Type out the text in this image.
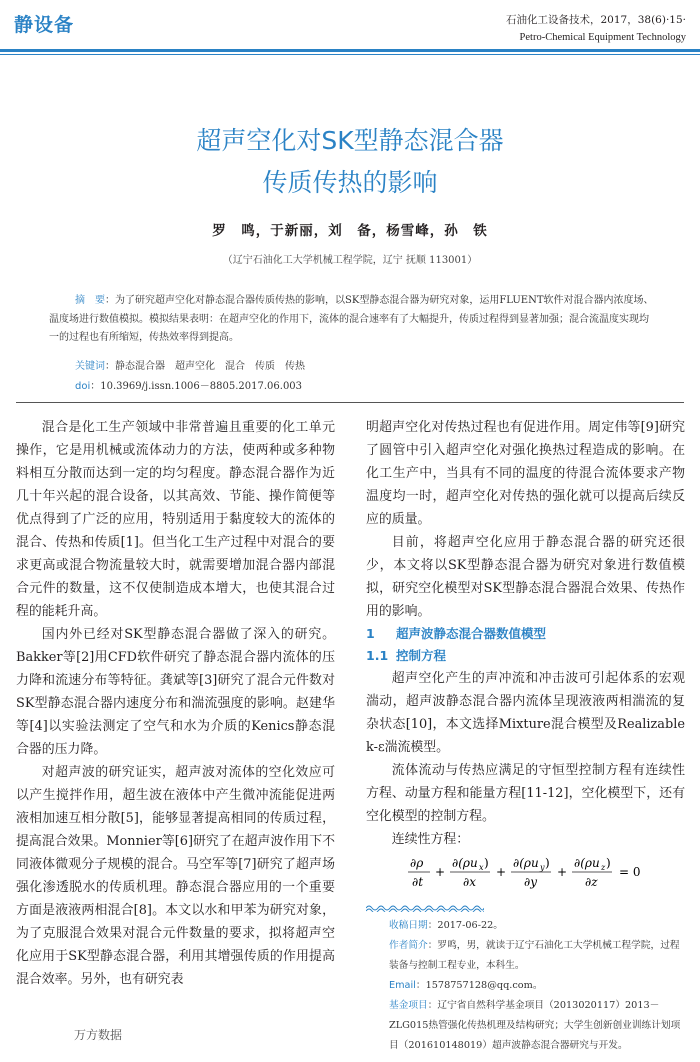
静设备	石油化工设备技术，2017，38(6)·15·
Petro-Chemical Equipment Technology
超声空化对SK型静态混合器
传质传热的影响
罗　鸣，于新丽，刘　备，杨雪峰，孙　铁
（辽宁石油化工大学机械工程学院，辽宁 抚顺 113001）
摘　要：为了研究超声空化对静态混合器传质传热的影响，以SK型静态混合器为研究对象，运用FLUENT软件对混合器内浓度场、温度场进行数值模拟。模拟结果表明：在超声空化的作用下，流体的混合速率有了大幅提升，传质过程得到显著加强；混合流温度实现均一的过程也有所缩短，传热效率得到提高。
关键词：静态混合器　超声空化　混合　传质　传热
doi：10.3969/j.issn.1006－8805.2017.06.003

混合是化工生产领域中非常普遍且重要的化工单元操作，它是用机械或流体动力的方法，使两种或多种物料相互分散而达到一定的均匀程度。静态混合器作为近几十年兴起的混合设备，以其高效、节能、操作简便等优点得到了广泛的应用，特别适用于黏度较大的流体的混合、传热和传质[1]。但当化工生产过程中对混合的要求更高或混合物流量较大时，就需要增加混合器内部混合元件的数量，这不仅使制造成本增大，也使其混合过程的能耗升高。

国内外已经对SK型静态混合器做了深入的研究。Bakker等[2]用CFD软件研究了静态混合器内流体的压力降和流速分布等特征。龚斌等[3]研究了混合元件数对SK型静态混合器内速度分布和湍流强度的影响。赵建华等[4]以实验法测定了空气和水为介质的Kenics静态混合器的压力降。

对超声波的研究证实，超声波对流体的空化效应可以产生搅拌作用，超生波在液体中产生微冲流能促进两液相加速互相分散[5]，能够显著提高相同的传质过程，提高混合效果。Monnier等[6]研究了在超声波作用下不同液体微观分子规模的混合。马空军等[7]研究了超声场强化渗透脱水的传质机理。静态混合器应用的一个重要方面是液液两相混合[8]。本文以水和甲苯为研究对象，为了克服混合效果对混合元件数量的要求，拟将超声空化应用于SK型静态混合器，利用其增强传质的作用提高混合效率。另外，也有研究表

明超声空化对传热过程也有促进作用。周定伟等[9]研究了圆管中引入超声空化对强化换热过程造成的影响。在化工生产中，当具有不同的温度的待混合流体要求产物温度均一时，超声空化对传热的强化就可以提高后续反应的质量。

目前，将超声空化应用于静态混合器的研究还很少，本文将以SK型静态混合器为研究对象进行数值模拟，研究空化模型对SK型静态混合器混合效果、传热作用的影响。

1 超声波静态混合器数值模型
1.1 控制方程

超声空化产生的声冲流和冲击波可引起体系的宏观湍动，超声波静态混合器内流体呈现液液两相湍流的复杂状态[10]，本文选择Mixture混合模型及Realizable k-ε湍流模型。

流体流动与传热应满足的守恒型控制方程有连续性方程、动量方程和能量方程[11-12]，空化模型下，还有空化模型的控制方程。

连续性方程：
∂ρ
∂t
+
∂(ρu x )
∂x
+
∂(ρu y )
∂y
+
∂(ρu z )
∂z
= 0

收稿日期：2017-06-22。

作者简介：罗鸣，男，就读于辽宁石油化工大学机械工程学院，过程装备与控制工程专业，本科生。

Email：1578757128@qq.com。

基金项目：辽宁省自然科学基金项目（2013020117）2013－ZLG015热管强化传热机理及结构研究；大学生创新创业训练计划项目（201610148019）超声波静态混合器研究与开发。

万方数据
